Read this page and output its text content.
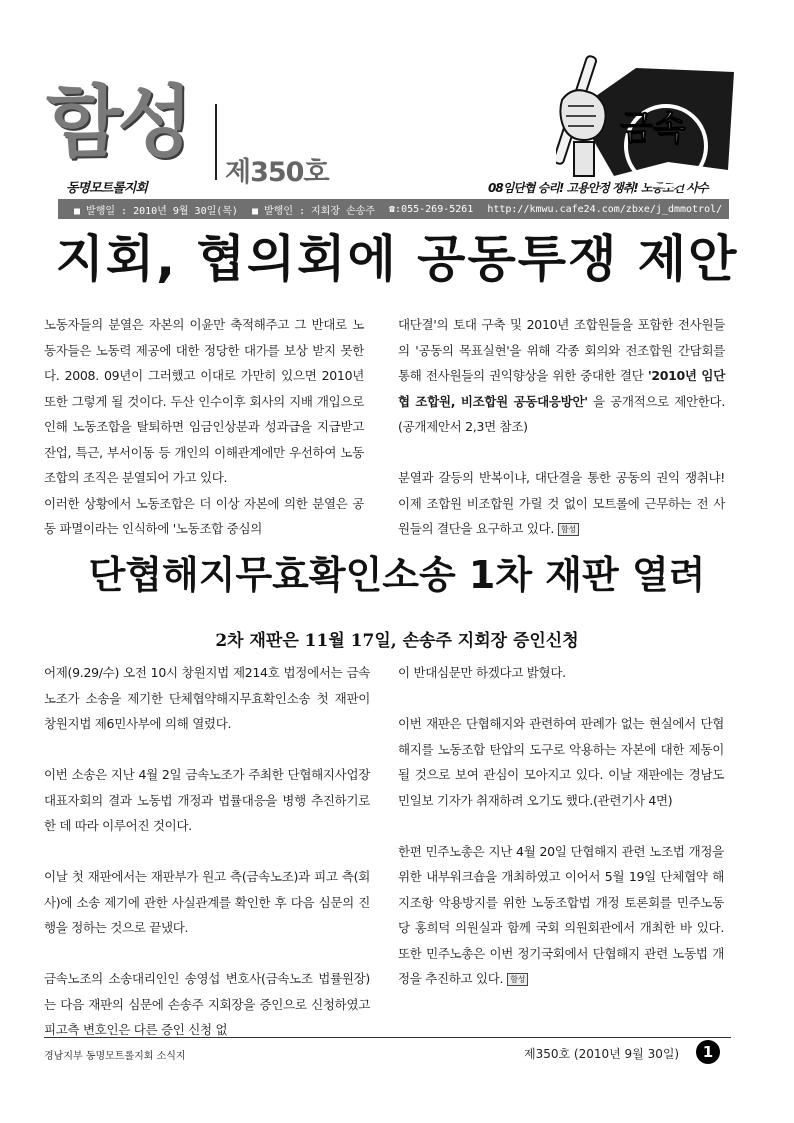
함성
제350호
동명모트롤지회	08임단협 승리! 고용안정 쟁취! 노동조건 사수
금속
■ 발행일 : 2010년 9월 30일(목) ■ 발행인 : 지회장 손송주 ☎:055-269-5261 http://kmwu.cafe24.com/zbxe/j_dmmotrol/
지회, 협의회에 공동투쟁 제안

노동자들의 분열은 자본의 이윤만 축적해주고 그 반대로 노동자들은 노동력 제공에 대한 정당한 대가를 보상 받지 못한다. 2008. 09년이 그러했고 이대로 가만히 있으면 2010년 또한 그렇게 될 것이다. 두산 인수이후 회사의 지배 개입으로 인해 노동조합을 탈퇴하면 임금인상분과 성과급을 지급받고 잔업, 특근, 부서이동 등 개인의 이해관계에만 우선하여 노동조합의 조직은 분열되어 가고 있다.

이러한 상황에서 노동조합은 더 이상 자본에 의한 분열은 공동 파멸이라는 인식하에 '노동조합 중심의

대단결'의 토대 구축 및 2010년 조합원들을 포함한 전사원들의 '공동의 목표실현'을 위해 각종 회의와 전조합원 간담회를 통해 전사원들의 권익향상을 위한 중대한 결단 '2010년 임단협 조합원, 비조합원 공동대응방안' 을 공개적으로 제안한다.(공개제안서 2,3면 참조)

분열과 갈등의 반복이냐, 대단결을 통한 공동의 권익 쟁취냐! 이제 조합원 비조합원 가릴 것 없이 모트롤에 근무하는 전 사원들의 결단을 요구하고 있다. 함성

단협해지무효확인소송 1차 재판 열려
2차 재판은 11월 17일, 손송주 지회장 증인신청

어제(9.29/수) 오전 10시 창원지법 제214호 법정에서는 금속노조가 소송을 제기한 단체협약해지무효확인소송 첫 재판이 창원지법 제6민사부에 의해 열렸다.

이번 소송은 지난 4월 2일 금속노조가 주최한 단협해지사업장 대표자회의 결과 노동법 개정과 법률대응을 병행 추진하기로 한 데 따라 이루어진 것이다.

이날 첫 재판에서는 재판부가 원고 측(금속노조)과 피고 측(회사)에 소송 제기에 관한 사실관계를 확인한 후 다음 심문의 진행을 정하는 것으로 끝냈다.

금속노조의 소송대리인인 송영섭 변호사(금속노조 법률원장)는 다음 재판의 심문에 손송주 지회장을 증인으로 신청하였고 피고측 변호인은 다른 증인 신청 없

이 반대심문만 하겠다고 밝혔다.

이번 재판은 단협해지와 관련하여 판례가 없는 현실에서 단협해지를 노동조합 탄압의 도구로 악용하는 자본에 대한 제동이 될 것으로 보여 관심이 모아지고 있다. 이날 재판에는 경남도민일보 기자가 취재하려 오기도 했다.(관련기사 4면)

한편 민주노총은 지난 4월 20일 단협해지 관련 노조법 개정을 위한 내부워크숍을 개최하였고 이어서 5월 19일 단체협약 해지조항 악용방지를 위한 노동조합법 개정 토론회를 민주노동당 홍희덕 의원실과 함께 국회 의원회관에서 개최한 바 있다. 또한 민주노총은 이번 정기국회에서 단협해지 관련 노동법 개정을 추진하고 있다. 함성

경남지부 동명모트롤지회 소식지	제350호 (2010년 9월 30일)	1
